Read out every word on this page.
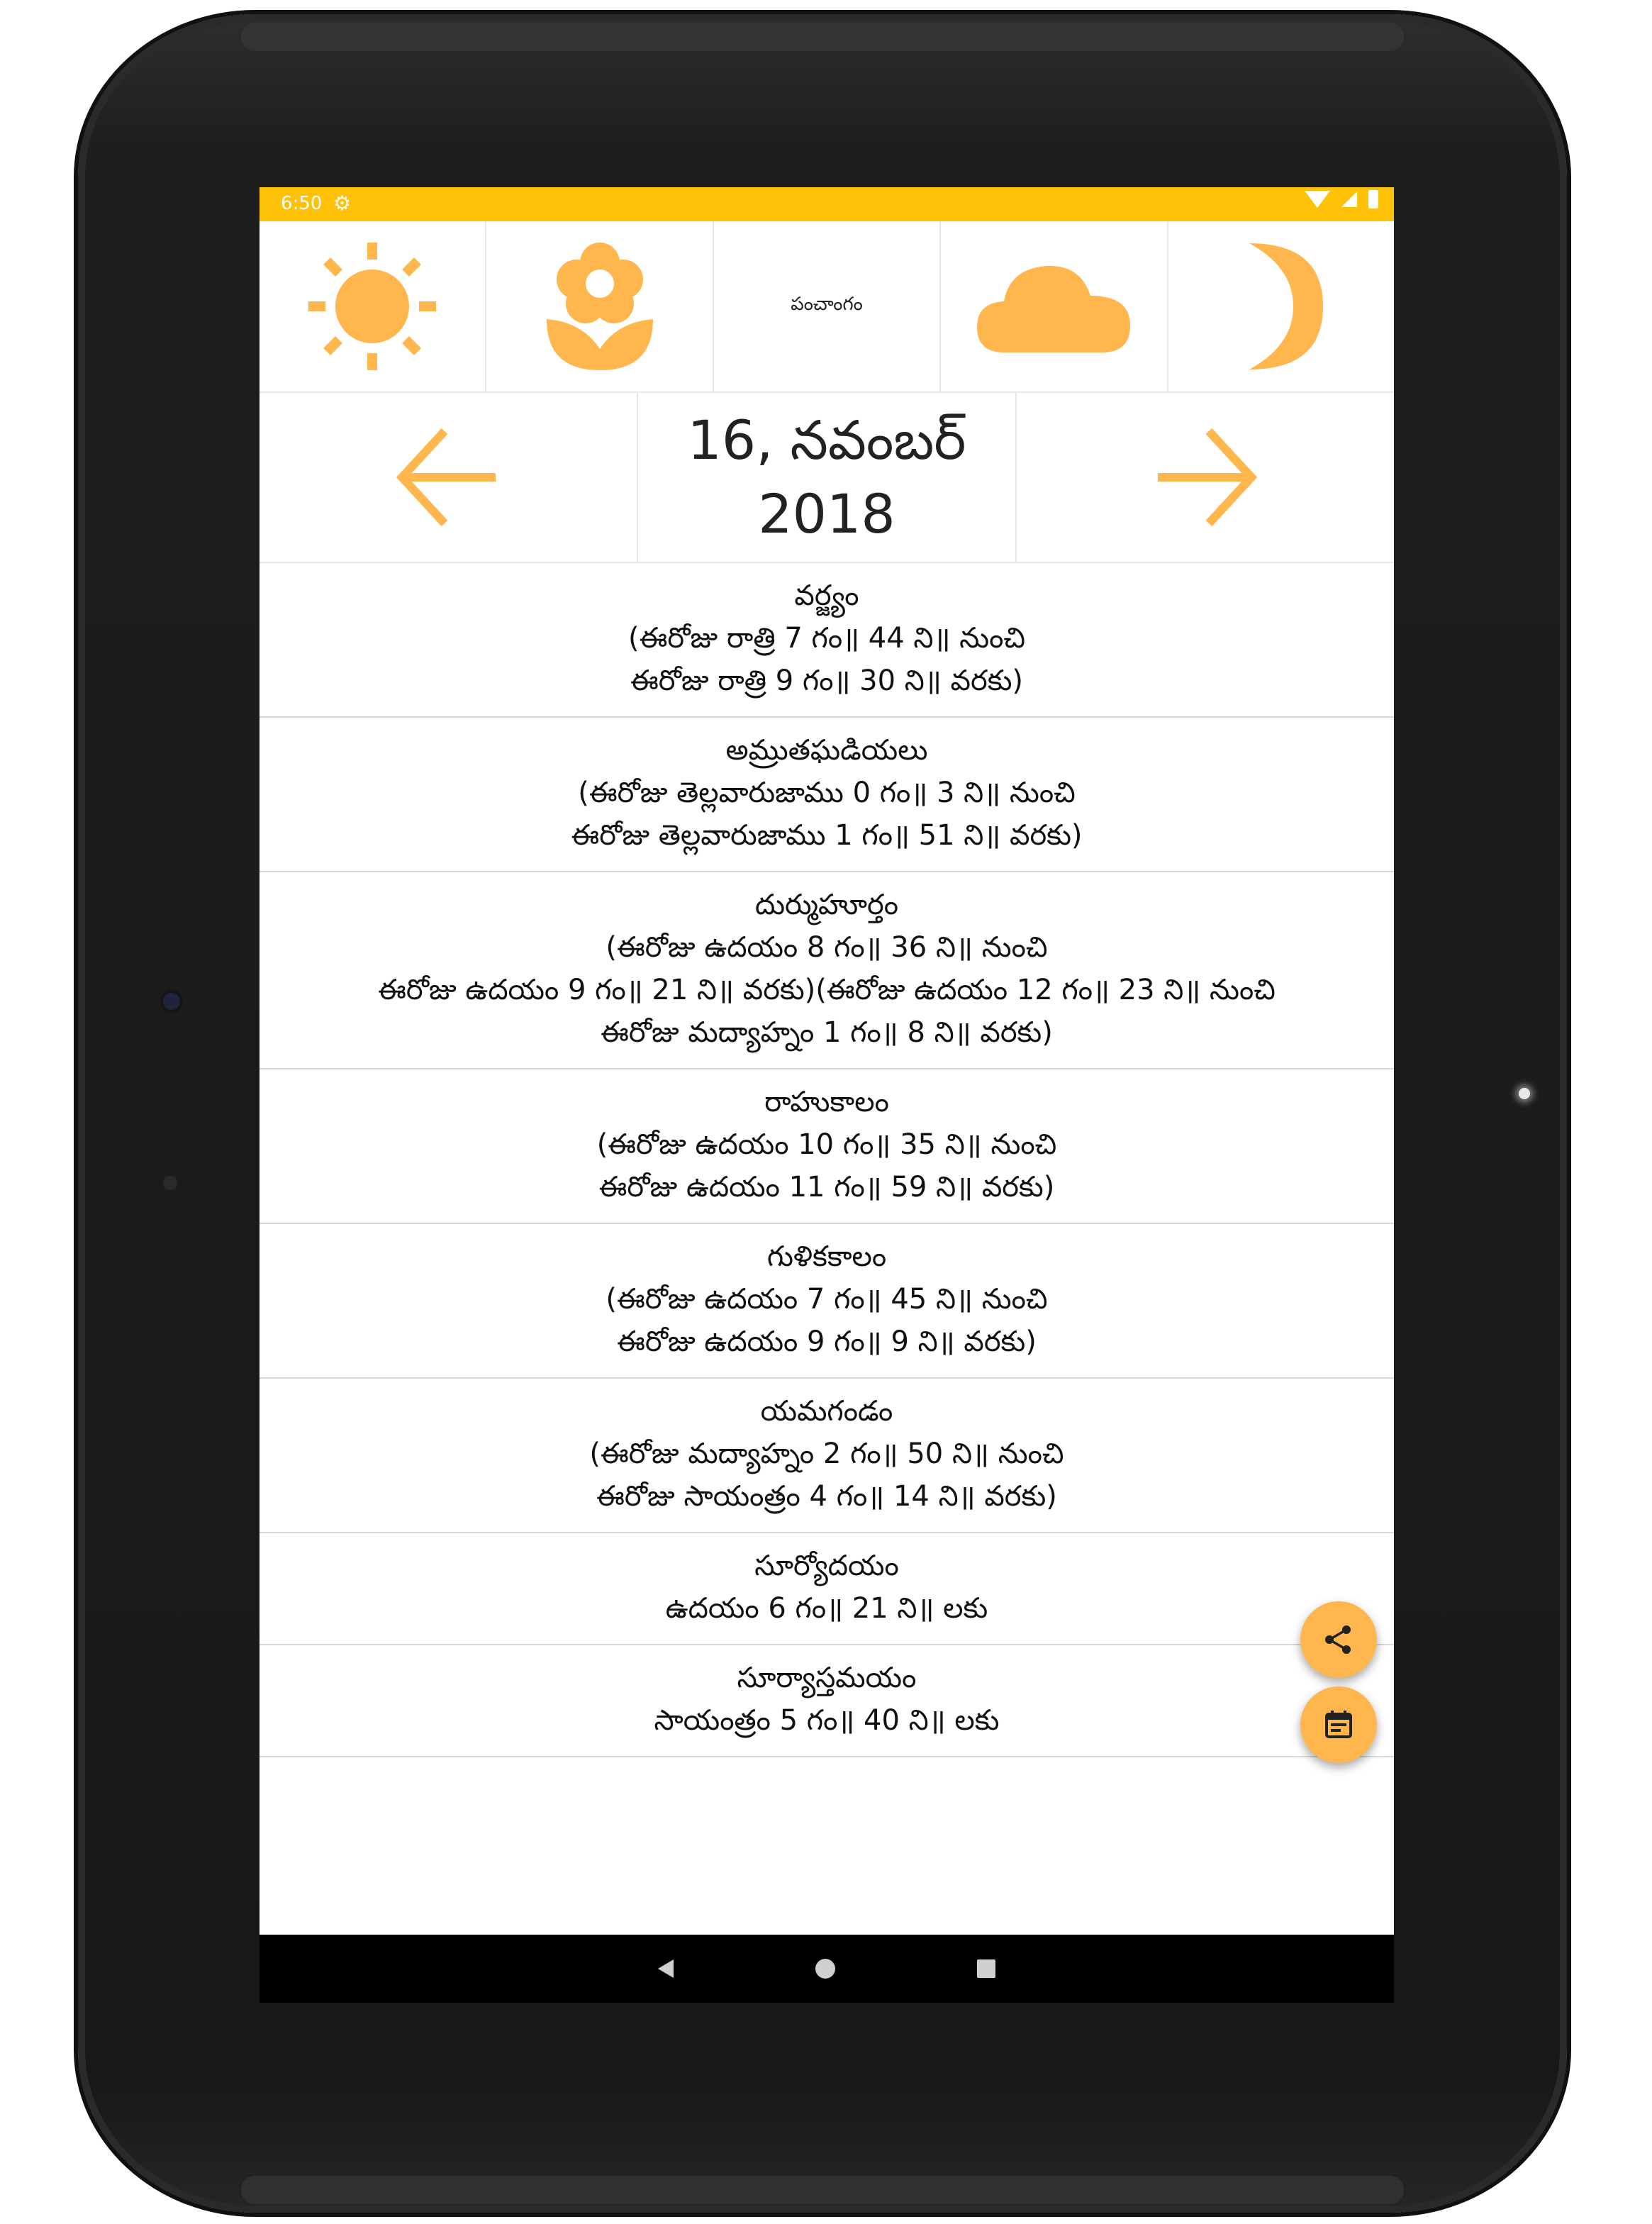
6:50 ⚙
పంచాంగం
16, నవంబర్
2018
వర్జ్యం
(ఈరోజు రాత్రి 7 గం॥ 44 ని॥ నుంచి
ఈరోజు రాత్రి 9 గం॥ 30 ని॥ వరకు)
అమ్రుతఘడియలు
(ఈరోజు తెల్లవారుజాము 0 గం॥ 3 ని॥ నుంచి
ఈరోజు తెల్లవారుజాము 1 గం॥ 51 ని॥ వరకు)
దుర్ముహూర్తం
(ఈరోజు ఉదయం 8 గం॥ 36 ని॥ నుంచి
ఈరోజు ఉదయం 9 గం॥ 21 ని॥ వరకు)(ఈరోజు ఉదయం 12 గం॥ 23 ని॥ నుంచి
ఈరోజు మద్యాహ్నం 1 గం॥ 8 ని॥ వరకు)
రాహుకాలం
(ఈరోజు ఉదయం 10 గం॥ 35 ని॥ నుంచి
ఈరోజు ఉదయం 11 గం॥ 59 ని॥ వరకు)
గుళికకాలం
(ఈరోజు ఉదయం 7 గం॥ 45 ని॥ నుంచి
ఈరోజు ఉదయం 9 గం॥ 9 ని॥ వరకు)
యమగండం
(ఈరోజు మద్యాహ్నం 2 గం॥ 50 ని॥ నుంచి
ఈరోజు సాయంత్రం 4 గం॥ 14 ని॥ వరకు)
సూర్యోదయం
ఉదయం 6 గం॥ 21 ని॥ లకు
సూర్యాస్తమయం
సాయంత్రం 5 గం॥ 40 ని॥ లకు
